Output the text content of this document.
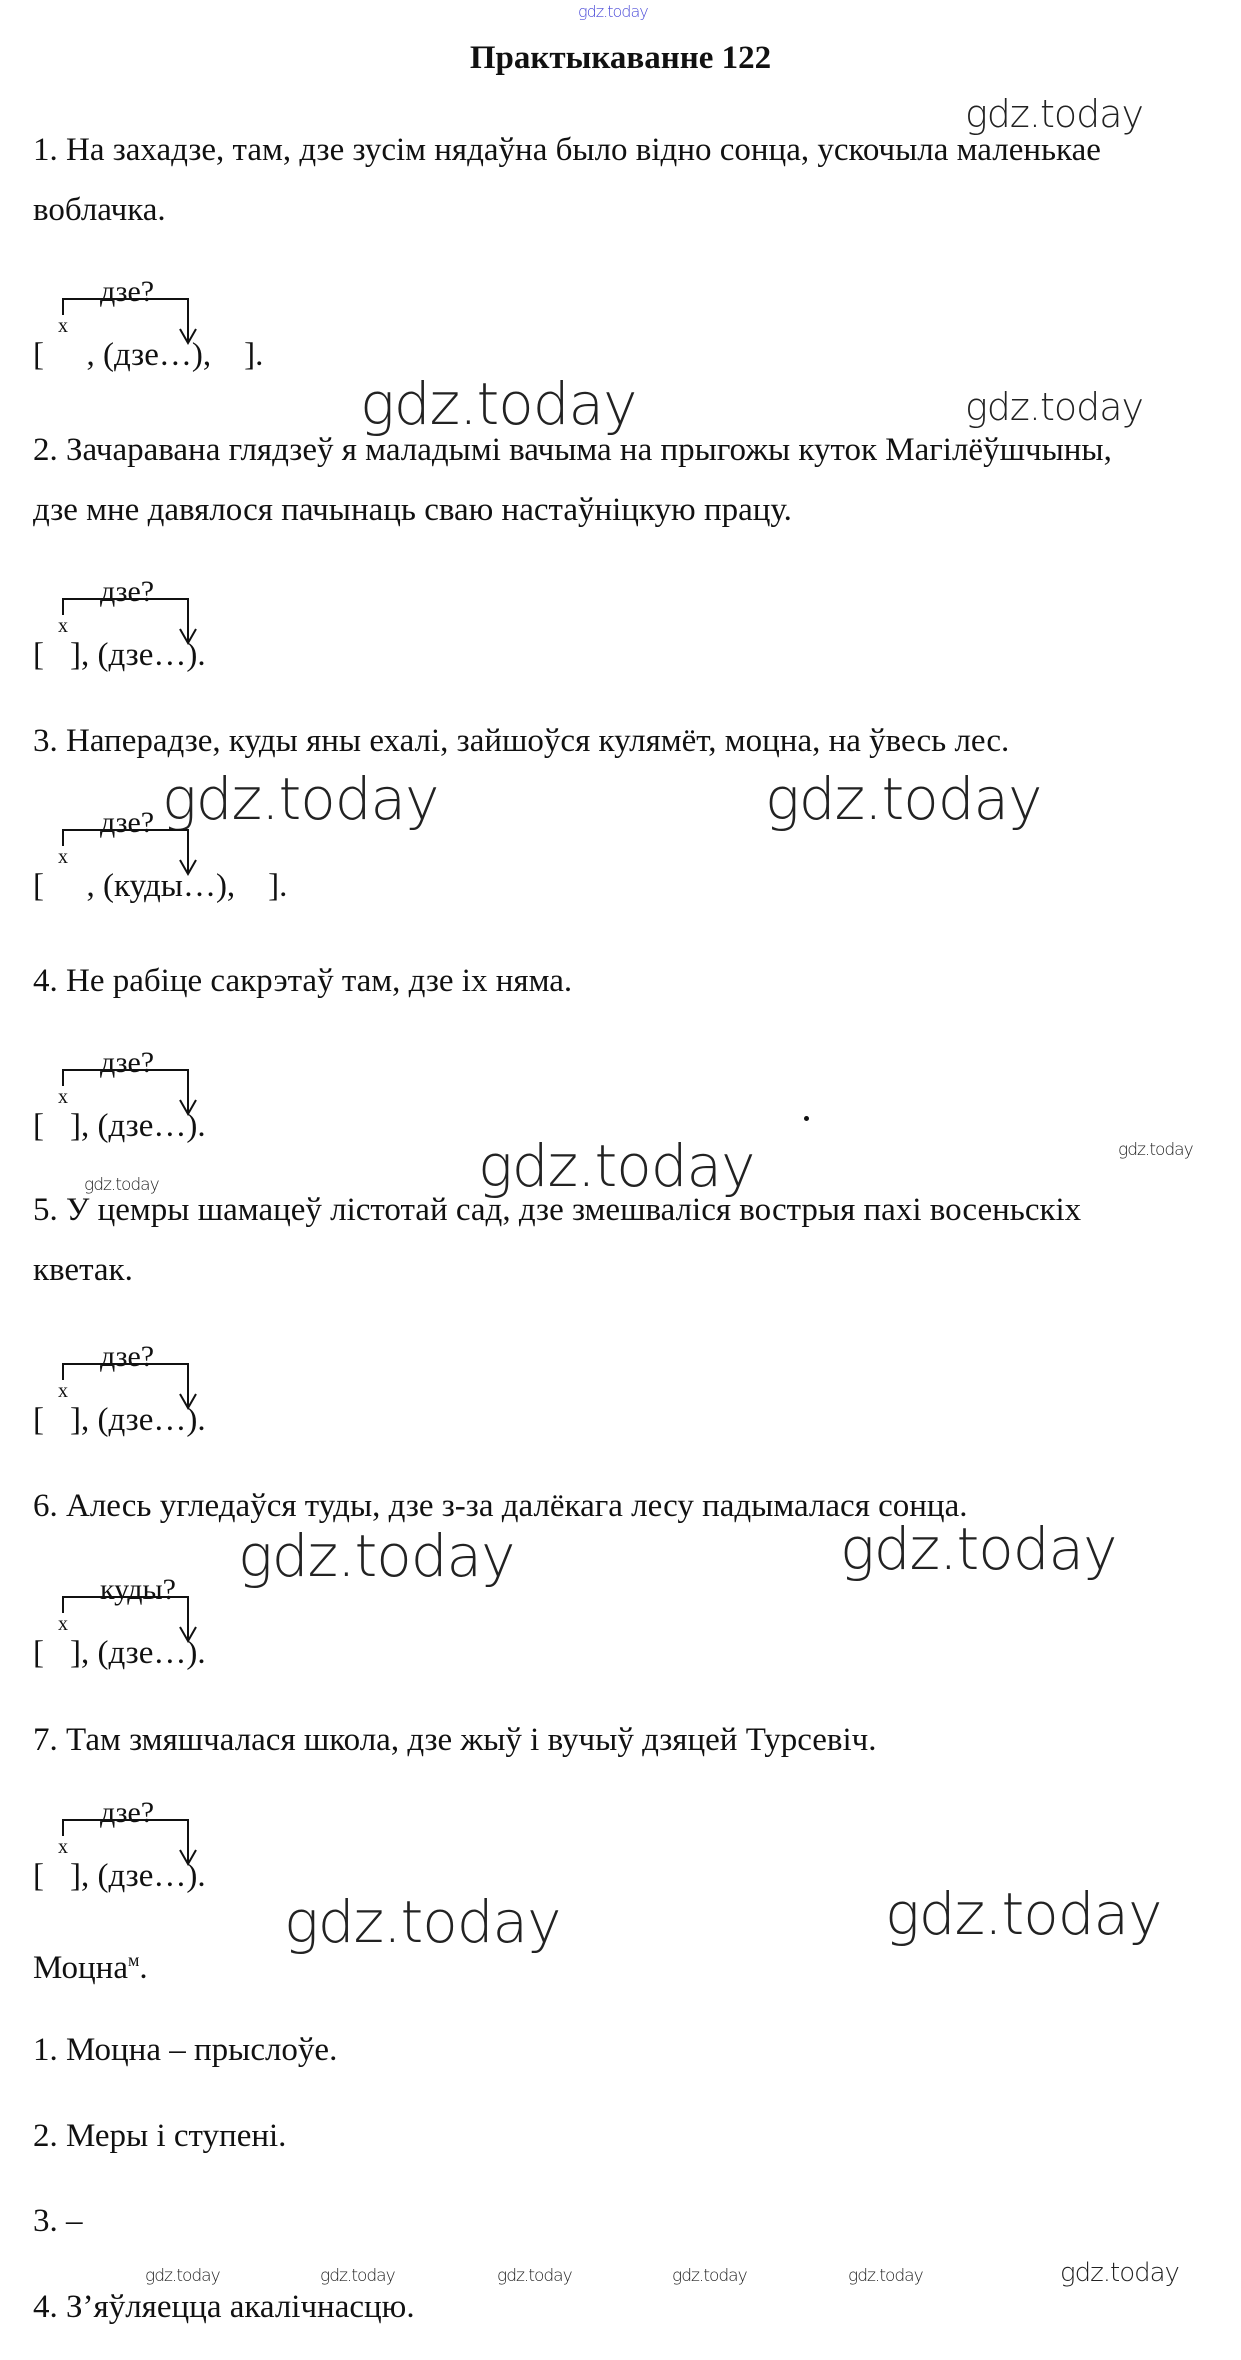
gdz.today
Практыкаванне 122
gdz.today
1. На захадзе, там, дзе зусім нядаўна было відно сонца, ускочыла маленькае
воблачка.
дзе?
x
[ , (дзе…),    ].
gdz.today	gdz.today
2. Зачаравана глядзеў я маладымі вачыма на прыгожы куток Магілёўшчыны,
дзе мне давялося пачынаць сваю настаўніцкую працу.
дзе?
x
[ ], (дзе…).
3. Наперадзе, куды яны ехалі, зайшоўся кулямёт, моцна, на ўвесь лес.
gdz.today	gdz.today
дзе?
x
[ , (куды…),    ].
4. Не рабіце сакрэтаў там, дзе іх няма.
дзе?
x
[ ], (дзе…).
gdz.today
gdz.today
gdz.today
5. У цемры шамацеў лістотай сад, дзе змешваліся вострыя пахі восеньскіх
кветак.
дзе?
x
[ ], (дзе…).
6. Алесь угледаўся туды, дзе з-за далёкага лесу падымалася сонца.
gdz.today	gdz.today
куды?
x
[ ], (дзе…).
7. Там змяшчалася школа, дзе жыў і вучыў дзяцей Турсевіч.
дзе?
x
[ ], (дзе…).
gdz.today	gdz.today
Моцна$^м$.
1. Моцна – прыслоўе.
2. Меры і ступені.
3. –
gdz.today	gdz.today	gdz.today	gdz.today	gdz.today	gdz.today
4. З’яўляецца акалічнасцю.
